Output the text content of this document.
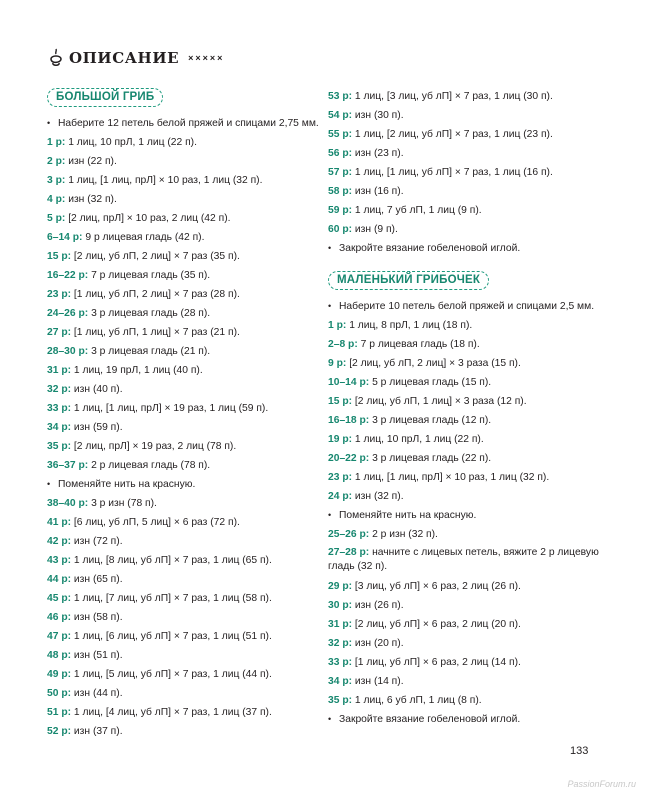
ОПИСАНИЕ ×××××
БОЛЬШОЙ ГРИБ
• Наберите 12 петель белой пряжей и спицами 2,75 мм.
1 р: 1 лиц, 10 прЛ, 1 лиц (22 п).
2 р: изн (22 п).
3 р: 1 лиц, [1 лиц, прЛ] × 10 раз, 1 лиц (32 п).
4 р: изн (32 п).
5 р: [2 лиц, прЛ] × 10 раз, 2 лиц (42 п).
6–14 р: 9 р лицевая гладь (42 п).
15 р: [2 лиц, уб лП, 2 лиц] × 7 раз (35 п).
16–22 р: 7 р лицевая гладь (35 п).
23 р: [1 лиц, уб лП, 2 лиц] × 7 раз (28 п).
24–26 р: 3 р лицевая гладь (28 п).
27 р: [1 лиц, уб лП, 1 лиц] × 7 раз (21 п).
28–30 р: 3 р лицевая гладь (21 п).
31 р: 1 лиц, 19 прЛ, 1 лиц (40 п).
32 р: изн (40 п).
33 р: 1 лиц, [1 лиц, прЛ] × 19 раз, 1 лиц (59 п).
34 р: изн (59 п).
35 р: [2 лиц, прЛ] × 19 раз, 2 лиц (78 п).
36–37 р: 2 р лицевая гладь (78 п).
• Поменяйте нить на красную.
38–40 р: 3 р изн (78 п).
41 р: [6 лиц, уб лП, 5 лиц] × 6 раз (72 п).
42 р: изн (72 п).
43 р: 1 лиц, [8 лиц, уб лП] × 7 раз, 1 лиц (65 п).
44 р: изн (65 п).
45 р: 1 лиц, [7 лиц, уб лП] × 7 раз, 1 лиц (58 п).
46 р: изн (58 п).
47 р: 1 лиц, [6 лиц, уб лП] × 7 раз, 1 лиц (51 п).
48 р: изн (51 п).
49 р: 1 лиц, [5 лиц, уб лП] × 7 раз, 1 лиц (44 п).
50 р: изн (44 п).
51 р: 1 лиц, [4 лиц, уб лП] × 7 раз, 1 лиц (37 п).
52 р: изн (37 п).
53 р: 1 лиц, [3 лиц, уб лП] × 7 раз, 1 лиц (30 п).
54 р: изн (30 п).
55 р: 1 лиц, [2 лиц, уб лП] × 7 раз, 1 лиц (23 п).
56 р: изн (23 п).
57 р: 1 лиц, [1 лиц, уб лП] × 7 раз, 1 лиц (16 п).
58 р: изн (16 п).
59 р: 1 лиц, 7 уб лП, 1 лиц (9 п).
60 р: изн (9 п).
• Закройте вязание гобеленовой иглой.
МАЛЕНЬКИЙ ГРИБОЧЕК
• Наберите 10 петель белой пряжей и спицами 2,5 мм.
1 р: 1 лиц, 8 прЛ, 1 лиц (18 п).
2–8 р: 7 р лицевая гладь (18 п).
9 р: [2 лиц, уб лП, 2 лиц] × 3 раза (15 п).
10–14 р: 5 р лицевая гладь (15 п).
15 р: [2 лиц, уб лП, 1 лиц] × 3 раза (12 п).
16–18 р: 3 р лицевая гладь (12 п).
19 р: 1 лиц, 10 прЛ, 1 лиц (22 п).
20–22 р: 3 р лицевая гладь (22 п).
23 р: 1 лиц, [1 лиц, прЛ] × 10 раз, 1 лиц (32 п).
24 р: изн (32 п).
• Поменяйте нить на красную.
25–26 р: 2 р изн (32 п).
27–28 р: начните с лицевых петель, вяжите 2 р лицевую гладь (32 п).
29 р: [3 лиц, уб лП] × 6 раз, 2 лиц (26 п).
30 р: изн (26 п).
31 р: [2 лиц, уб лП] × 6 раз, 2 лиц (20 п).
32 р: изн (20 п).
33 р: [1 лиц, уб лП] × 6 раз, 2 лиц (14 п).
34 р: изн (14 п).
35 р: 1 лиц, 6 уб лП, 1 лиц (8 п).
• Закройте вязание гобеленовой иглой.
133
PassionForum.ru
